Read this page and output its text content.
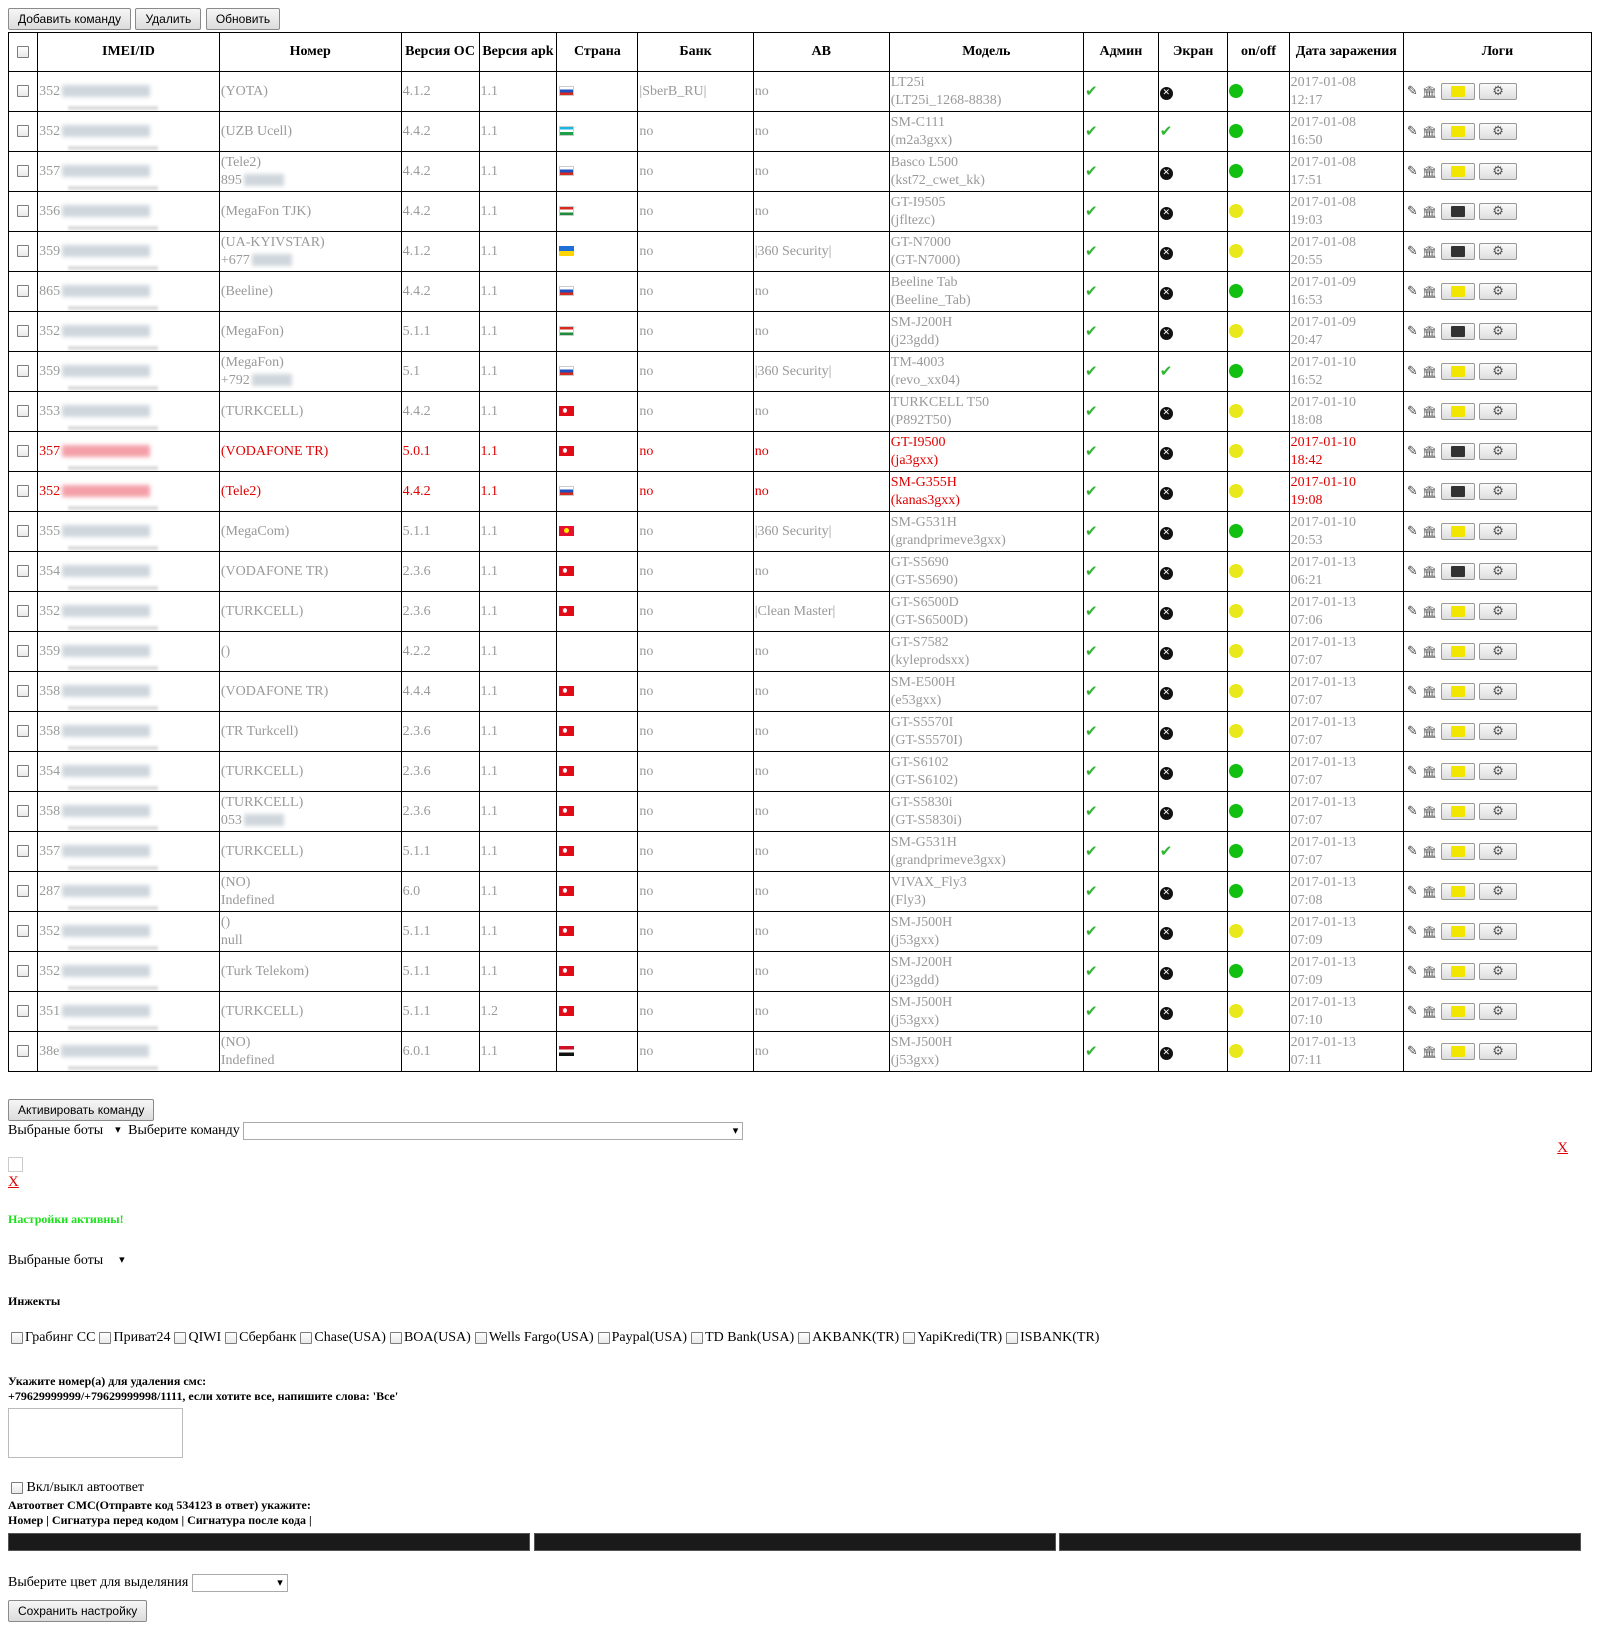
Добавить команду Удалить Обновить
	IMEI/ID	Номер	Версия ОС	Версия apk	Страна	Банк	АВ	Модель	Админ	Экран	on/off	Дата заражения	Логи
	352	(YOTA)	4.1.2	1.1		|SberB_RU|	no	LT25i
(LT25i_1268-8838)	✔	✕		2017-01-08
12:17	✎ 🏛 ⚙

	352	(UZB Ucell)	4.4.2	1.1		no	no	SM-C111
(m2a3gxx)	✔	✔		2017-01-08
16:50	✎ 🏛 ⚙

	357	(Tele2)
895	4.4.2	1.1		no	no	Basco L500
(kst72_cwet_kk)	✔	✕		2017-01-08
17:51	✎ 🏛 ⚙

	356	(MegaFon TJK)	4.4.2	1.1		no	no	GT-I9505
(jfltezc)	✔	✕		2017-01-08
19:03	✎ 🏛 ⚙

	359	(UA-KYIVSTAR)
+677	4.1.2	1.1		no	|360 Security|	GT-N7000
(GT-N7000)	✔	✕		2017-01-08
20:55	✎ 🏛 ⚙

	865	(Beeline)	4.4.2	1.1		no	no	Beeline Tab
(Beeline_Tab)	✔	✕		2017-01-09
16:53	✎ 🏛 ⚙

	352	(MegaFon)	5.1.1	1.1		no	no	SM-J200H
(j23gdd)	✔	✕		2017-01-09
20:47	✎ 🏛 ⚙

	359	(MegaFon)
+792	5.1	1.1		no	|360 Security|	TM-4003
(revo_xx04)	✔	✔		2017-01-10
16:52	✎ 🏛 ⚙

	353	(TURKCELL)	4.4.2	1.1		no	no	TURKCELL T50
(P892T50)	✔	✕		2017-01-10
18:08	✎ 🏛 ⚙

	357	(VODAFONE TR)	5.0.1	1.1		no	no	GT-I9500
(ja3gxx)	✔	✕		2017-01-10
18:42	✎ 🏛 ⚙

	352	(Tele2)	4.4.2	1.1		no	no	SM-G355H
(kanas3gxx)	✔	✕		2017-01-10
19:08	✎ 🏛 ⚙

	355	(MegaCom)	5.1.1	1.1		no	|360 Security|	SM-G531H
(grandprimeve3gxx)	✔	✕		2017-01-10
20:53	✎ 🏛 ⚙

	354	(VODAFONE TR)	2.3.6	1.1		no	no	GT-S5690
(GT-S5690)	✔	✕		2017-01-13
06:21	✎ 🏛 ⚙

	352	(TURKCELL)	2.3.6	1.1		no	|Clean Master|	GT-S6500D
(GT-S6500D)	✔	✕		2017-01-13
07:06	✎ 🏛 ⚙

	359	()	4.2.2	1.1		no	no	GT-S7582
(kyleprodsxx)	✔	✕		2017-01-13
07:07	✎ 🏛 ⚙

	358	(VODAFONE TR)	4.4.4	1.1		no	no	SM-E500H
(e53gxx)	✔	✕		2017-01-13
07:07	✎ 🏛 ⚙

	358	(TR Turkcell)	2.3.6	1.1		no	no	GT-S5570I
(GT-S5570I)	✔	✕		2017-01-13
07:07	✎ 🏛 ⚙

	354	(TURKCELL)	2.3.6	1.1		no	no	GT-S6102
(GT-S6102)	✔	✕		2017-01-13
07:07	✎ 🏛 ⚙

	358	(TURKCELL)
053	2.3.6	1.1		no	no	GT-S5830i
(GT-S5830i)	✔	✕		2017-01-13
07:07	✎ 🏛 ⚙

	357	(TURKCELL)	5.1.1	1.1		no	no	SM-G531H
(grandprimeve3gxx)	✔	✔		2017-01-13
07:07	✎ 🏛 ⚙

	287	(NO)
Indefined	6.0	1.1		no	no	VIVAX_Fly3
(Fly3)	✔	✕		2017-01-13
07:08	✎ 🏛 ⚙

	352	()
null	5.1.1	1.1		no	no	SM-J500H
(j53gxx)	✔	✕		2017-01-13
07:09	✎ 🏛 ⚙

	352	(Turk Telekom)	5.1.1	1.1		no	no	SM-J200H
(j23gdd)	✔	✕		2017-01-13
07:09	✎ 🏛 ⚙

	351	(TURKCELL)	5.1.1	1.2		no	no	SM-J500H
(j53gxx)	✔	✕		2017-01-13
07:10	✎ 🏛 ⚙

	38e	(NO)
Indefined	6.0.1	1.1		no	no	SM-J500H
(j53gxx)	✔	✕		2017-01-13
07:11	✎ 🏛 ⚙
Активировать команду
Выбраные боты ▾ Выберите команду ▾
X
X
Настройки активны!
Выбраные боты ▾
Инжекты
Грабинг CC Приват24 QIWI Сбербанк Chase(USA) BOA(USA) Wells Fargo(USA) Paypal(USA) TD Bank(USA) AKBANK(TR) YapiKredi(TR) ISBANK(TR)
Укажите номер(а) для удаления смс:
+79629999999/+79629999998/1111, если хотите все, напишите слова: 'Все'
Вкл/выкл автоответ
Автоответ СМС(Отправте код 534123 в ответ) укажите:
Номер | Сигнатура перед кодом | Сигнатура после кода |

Выберите цвет для выделяния ▾
Сохранить настройку
